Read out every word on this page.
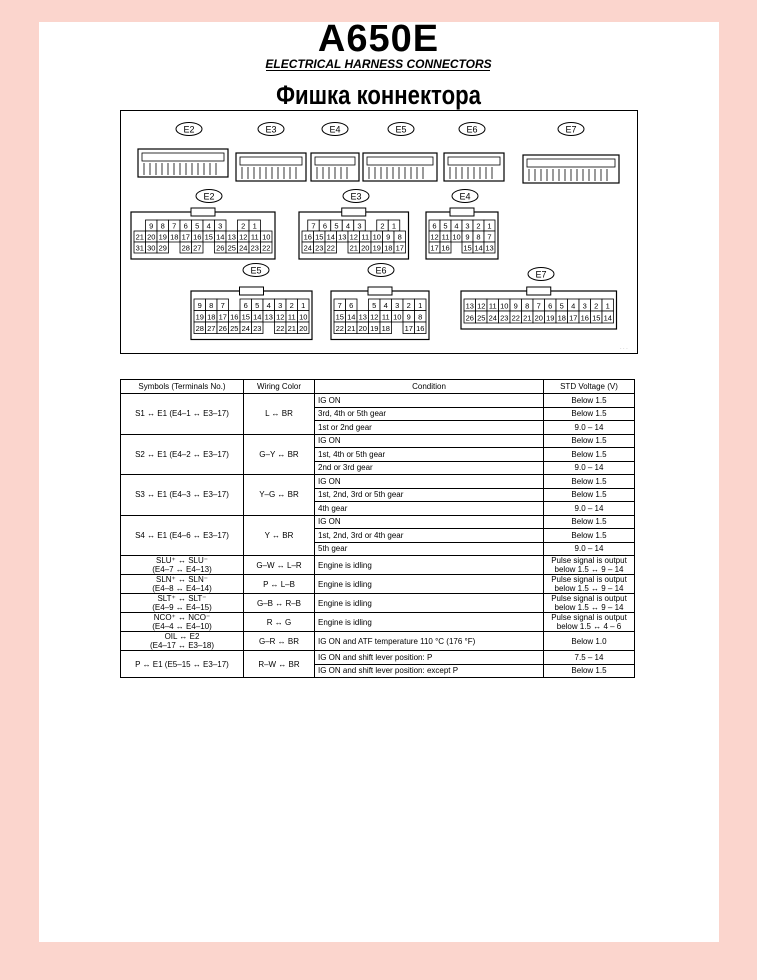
A650E
ELECTRICAL HARNESS CONNECTORS
Фишка коннектора
E2	E3	E4	E5	E6	E7
E2
9 8 7 6 5 4 3	2 1
21 20 19 18 17 16 15 14 13 12 11 10
31 30 29 28 27 26 25 24 23 22
E3
7 6 5 4 3	2 1
16 15 14 13 12 11 10 9 8
24 23 22 21 20 19 18 17
E4
6 5 4 3 2 1
12 11 10 9 8 7
17 16 15 14 13
E5
9 8 7	6 5 4 3 2 1
19 18 17 16 15 14 13 12 11 10
28 27 26 25 24 23 22 21 20
E6
7 6	5 4 3 2 1
15 14 13 12 11 10 9 8
22 21 20 19 18 17 16
E7
13 12 11 10 9 8 7 6 5 4 3 2 1
26 25 24 23 22 21 20 19 18 17 16 15 14
Symbols (Terminals No.)	Wiring Color	Condition	STD Voltage (V)
S1 ↔ E1 (E4–1 ↔ E3–17)	L ↔ BR	IG ON	Below 1.5
		3rd, 4th or 5th gear	Below 1.5
		1st or 2nd gear	9.0 – 14
S2 ↔ E1 (E4–2 ↔ E3–17)	G–Y ↔ BR	IG ON	Below 1.5
		1st, 4th or 5th gear	Below 1.5
		2nd or 3rd gear	9.0 – 14
S3 ↔ E1 (E4–3 ↔ E3–17)	Y–G ↔ BR	IG ON	Below 1.5
		1st, 2nd, 3rd or 5th gear	Below 1.5
		4th gear	9.0 – 14
S4 ↔ E1 (E4–6 ↔ E3–17)	Y ↔ BR	IG ON	Below 1.5
		1st, 2nd, 3rd or 4th gear	Below 1.5
		5th gear	9.0 – 14
SLU⁺ ↔ SLU⁻
(E4–7 ↔ E4–13)	G–W ↔ L–R	Engine is idling	Pulse signal is output
below 1.5 ↔ 9 – 14
SLN⁺ ↔ SLN⁻
(E4–8 ↔ E4–14)	P ↔ L–B	Engine is idling	Pulse signal is output
below 1.5 ↔ 9 – 14
SLT⁺ ↔ SLT⁻
(E4–9 ↔ E4–15)	G–B ↔ R–B	Engine is idling	Pulse signal is output
below 1.5 ↔ 9 – 14
NCO⁺ ↔ NCO⁻
(E4–4 ↔ E4–10)	R ↔ G	Engine is idling	Pulse signal is output
below 1.5 ↔ 4 – 6
OIL ↔ E2
(E4–17 ↔ E3–18)	G–R ↔ BR	IG ON and ATF temperature 110 °C (176 °F)	Below 1.0
P ↔ E1 (E5–15 ↔ E3–17)	R–W ↔ BR	IG ON and shift lever position: P	7.5 – 14
		IG ON and shift lever position: except P	Below 1.5
· · ·
